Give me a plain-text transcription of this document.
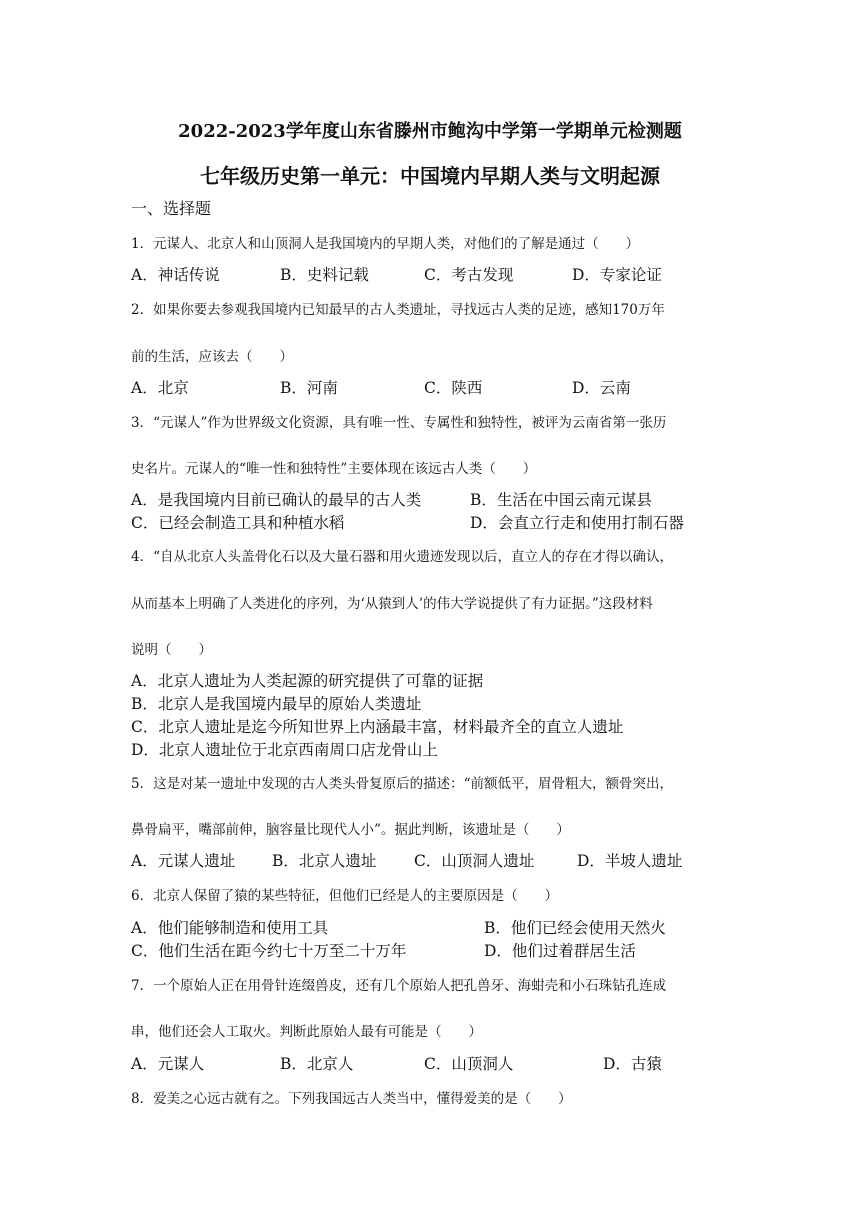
2022-2023学年度山东省滕州市鲍沟中学第一学期单元检测题
七年级历史第一单元：中国境内早期人类与文明起源
一、选择题
1．元谋人、北京人和山顶洞人是我国境内的早期人类，对他们的了解是通过（　　）
A．神话传说	B．史料记载	C．考古发现	D．专家论证
2．如果你要去参观我国境内已知最早的古人类遗址，寻找远古人类的足迹，感知170万年
前的生活，应该去（　　）
A．北京	B．河南	C．陕西	D．云南
3．“元谋人”作为世界级文化资源，具有唯一性、专属性和独特性，被评为云南省第一张历
史名片。元谋人的“唯一性和独特性”主要体现在该远古人类（　　）
A．是我国境内目前已确认的最早的古人类	B．生活在中国云南元谋县
C．已经会制造工具和种植水稻	D．会直立行走和使用打制石器
4．“自从北京人头盖骨化石以及大量石器和用火遗迹发现以后，直立人的存在才得以确认，
从而基本上明确了人类进化的序列，为‘从猿到人’的伟大学说提供了有力证据。”这段材料
说明（　　）
A．北京人遗址为人类起源的研究提供了可靠的证据
B．北京人是我国境内最早的原始人类遗址
C．北京人遗址是迄今所知世界上内涵最丰富，材料最齐全的直立人遗址
D．北京人遗址位于北京西南周口店龙骨山上
5．这是对某一遗址中发现的古人类头骨复原后的描述：“前额低平，眉骨粗大，额骨突出，
鼻骨扁平，嘴部前伸，脑容量比现代人小”。据此判断，该遗址是（　　）
A．元谋人遗址 B．北京人遗址 C．山顶洞人遗址	D．半坡人遗址
6．北京人保留了猿的某些特征，但他们已经是人的主要原因是（　　）
A．他们能够制造和使用工具	B．他们已经会使用天然火
C．他们生活在距今约七十万至二十万年	D．他们过着群居生活
7．一个原始人正在用骨针连缀兽皮，还有几个原始人把孔兽牙、海蚶壳和小石珠钻孔连成
串，他们还会人工取火。判断此原始人最有可能是（　　）
A．元谋人	B．北京人	C．山顶洞人	D．古猿
8．爱美之心远古就有之。下列我国远古人类当中，懂得爱美的是（　　）
